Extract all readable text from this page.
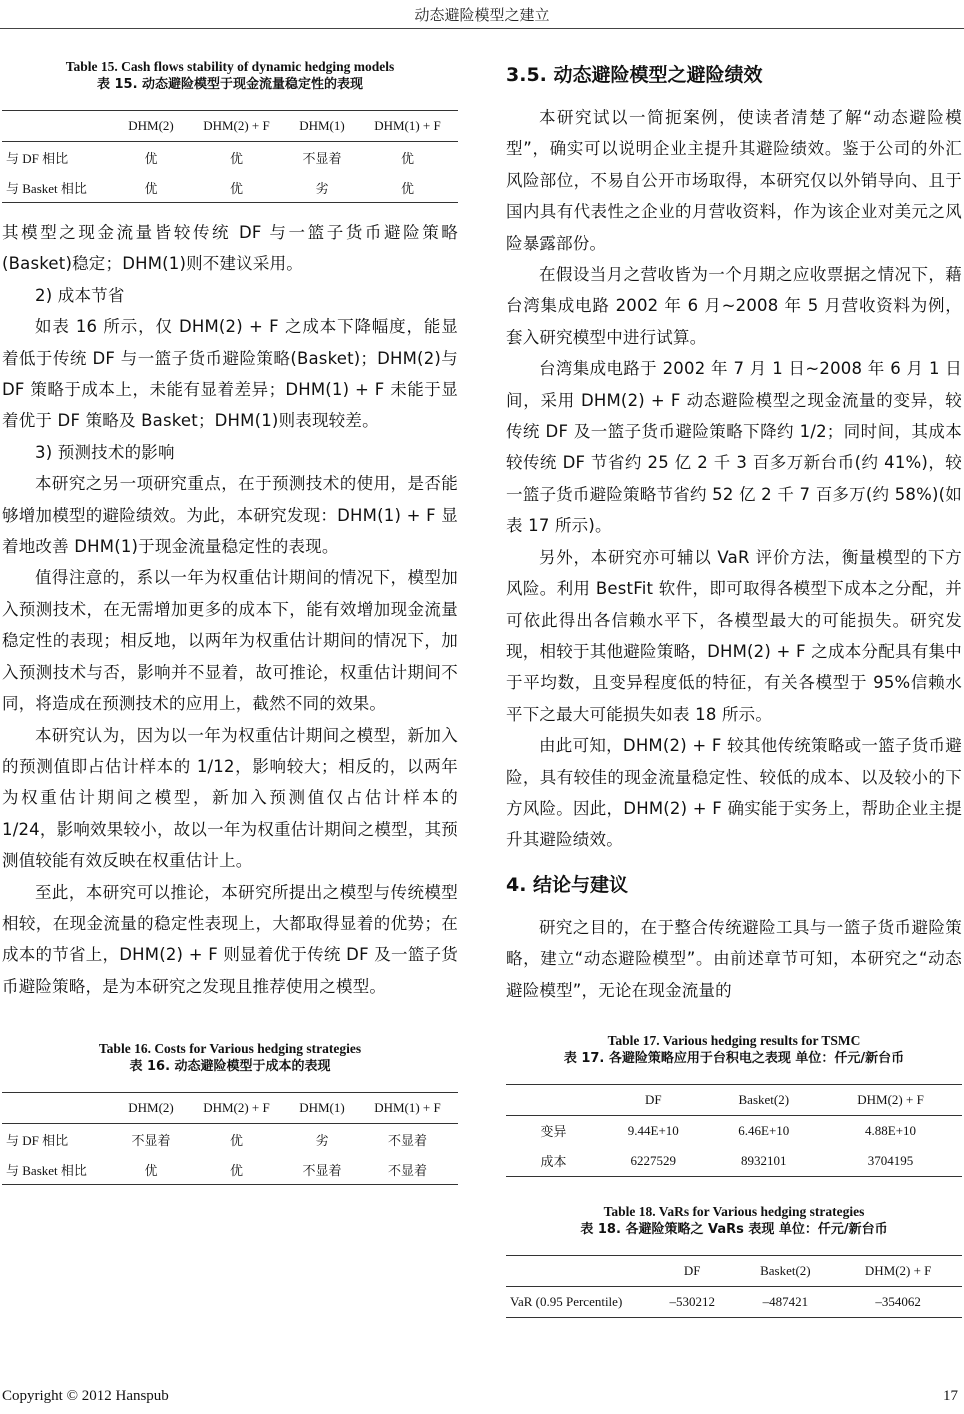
动态避险模型之建立
Table 15. Cash flows stability of dynamic hedging models
表 15. 动态避险模型于现金流量稳定性的表现
	DHM(2)	DHM(2) + F	DHM(1)	DHM(1) + F
与 DF 相比	优	优	不显着	优
与 Basket 相比	优	优	劣	优

其模型之现金流量皆较传统 DF 与一篮子货币避险策略(Basket)稳定；DHM(1)则不建议采用。

2) 成本节省

如表 16 所示，仅 DHM(2) + F 之成本下降幅度，能显着低于传统 DF 与一篮子货币避险策略(Basket)；DHM(2)与 DF 策略于成本上，未能有显着差异；DHM(1) + F 未能于显着优于 DF 策略及 Basket；DHM(1)则表现较差。

3) 预测技术的影响

本研究之另一项研究重点，在于预测技术的使用，是否能够增加模型的避险绩效。为此，本研究发现：DHM(1) + F 显着地改善 DHM(1)于现金流量稳定性的表现。

值得注意的，系以一年为权重估计期间的情况下，模型加入预测技术，在无需增加更多的成本下，能有效增加现金流量稳定性的表现；相反地，以两年为权重估计期间的情况下，加入预测技术与否，影响并不显着，故可推论，权重估计期间不同，将造成在预测技术的应用上，截然不同的效果。

本研究认为，因为以一年为权重估计期间之模型，新加入的预测值即占估计样本的 1/12，影响较大；相反的，以两年为权重估计期间之模型，新加入预测值仅占估计样本的 1/24，影响效果较小，故以一年为权重估计期间之模型，其预测值较能有效反映在权重估计上。

至此，本研究可以推论，本研究所提出之模型与传统模型相较，在现金流量的稳定性表现上，大都取得显着的优势；在成本的节省上，DHM(2) + F 则显着优于传统 DF 及一篮子货币避险策略，是为本研究之发现且推荐使用之模型。

Table 16. Costs for Various hedging strategies
表 16. 动态避险模型于成本的表现
	DHM(2)	DHM(2) + F	DHM(1)	DHM(1) + F
与 DF 相比	不显着	优	劣	不显着
与 Basket 相比	优	优	不显着	不显着

3.5. 动态避险模型之避险绩效

本研究试以一简扼案例，使读者清楚了解“动态避险模型”，确实可以说明企业主提升其避险绩效。鉴于公司的外汇风险部位，不易自公开市场取得，本研究仅以外销导向、且于国内具有代表性之企业的月营收资料，作为该企业对美元之风险暴露部份。

在假设当月之营收皆为一个月期之应收票据之情况下，藉台湾集成电路 2002 年 6 月~2008 年 5 月营收资料为例，套入研究模型中进行试算。

台湾集成电路于 2002 年 7 月 1 日~2008 年 6 月 1 日间，采用 DHM(2) + F 动态避险模型之现金流量的变异，较传统 DF 及一篮子货币避险策略下降约 1/2；同时间，其成本较传统 DF 节省约 25 亿 2 千 3 百多万新台币(约 41%)，较一篮子货币避险策略节省约 52 亿 2 千 7 百多万(约 58%)(如表 17 所示)。

另外，本研究亦可辅以 VaR 评价方法，衡量模型的下方风险。利用 BestFit 软件，即可取得各模型下成本之分配，并可依此得出各信赖水平下，各模型最大的可能损失。研究发现，相较于其他避险策略，DHM(2) + F 之成本分配具有集中于平均数，且变异程度低的特征，有关各模型于 95%信赖水平下之最大可能损失如表 18 所示。

由此可知，DHM(2) + F 较其他传统策略或一篮子货币避险，具有较佳的现金流量稳定性、较低的成本、以及较小的下方风险。因此，DHM(2) + F 确实能于实务上，帮助企业主提升其避险绩效。

4. 结论与建议

研究之目的，在于整合传统避险工具与一篮子货币避险策略，建立“动态避险模型”。由前述章节可知，本研究之“动态避险模型”，无论在现金流量的

Table 17. Various hedging results for TSMC
表 17. 各避险策略应用于台积电之表现 单位：仟元/新台币
	DF	Basket(2)	DHM(2) + F
变异	9.44E+10	6.46E+10	4.88E+10
成本	6227529	8932101	3704195
Table 18. VaRs for Various hedging strategies
表 18. 各避险策略之 VaRs 表现 单位：仟元/新台币
	DF	Basket(2)	DHM(2) + F
VaR (0.95 Percentile)	–530212	–487421	–354062
Copyright © 2012 Hanspub	17
